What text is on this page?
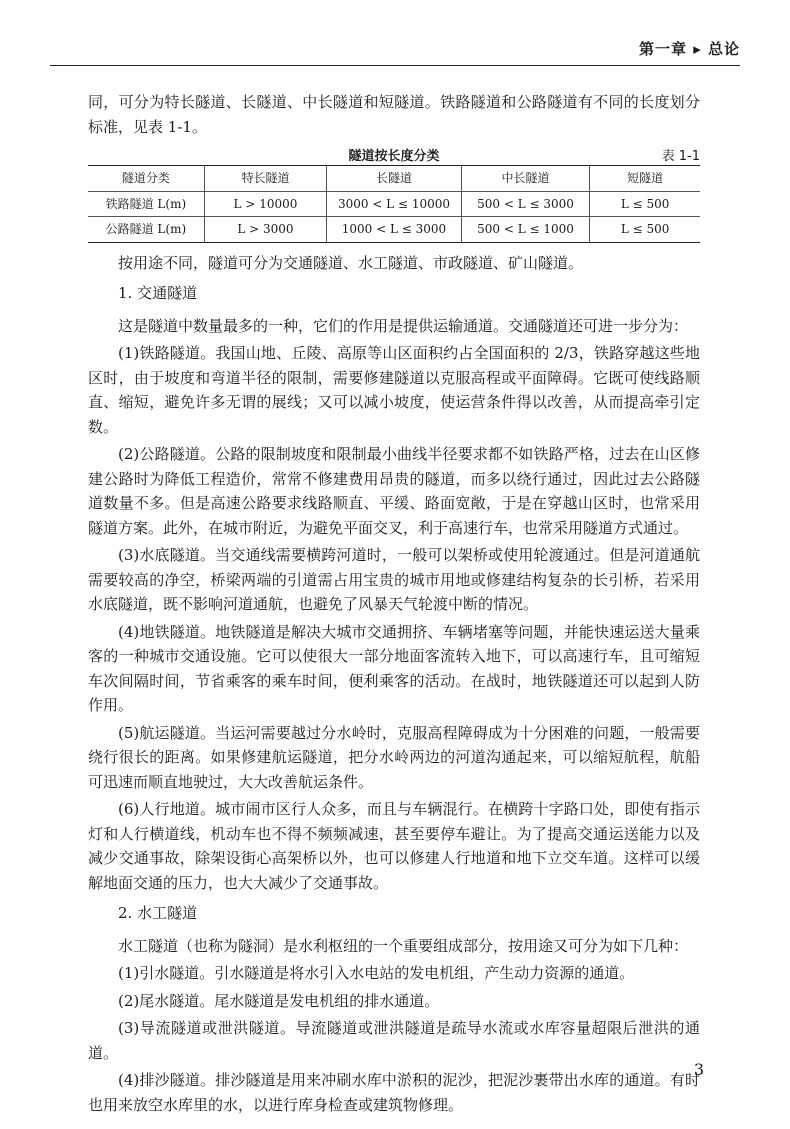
第一章 ▸ 总论

同，可分为特长隧道、长隧道、中长隧道和短隧道。铁路隧道和公路隧道有不同的长度划分标准，见表 1-1。

隧道按长度分类	表 1-1
隧道分类	特长隧道	长隧道	中长隧道	短隧道
铁路隧道 L(m)	L > 10000	3000 < L ≤ 10000	500 < L ≤ 3000	L ≤ 500
公路隧道 L(m)	L > 3000	1000 < L ≤ 3000	500 < L ≤ 1000	L ≤ 500

按用途不同，隧道可分为交通隧道、水工隧道、市政隧道、矿山隧道。

1. 交通隧道

这是隧道中数量最多的一种，它们的作用是提供运输通道。交通隧道还可进一步分为：

(1)铁路隧道。我国山地、丘陵、高原等山区面积约占全国面积的 2/3，铁路穿越这些地区时，由于坡度和弯道半径的限制，需要修建隧道以克服高程或平面障碍。它既可使线路顺直、缩短，避免许多无谓的展线；又可以减小坡度，使运营条件得以改善，从而提高牵引定数。

(2)公路隧道。公路的限制坡度和限制最小曲线半径要求都不如铁路严格，过去在山区修建公路时为降低工程造价，常常不修建费用昂贵的隧道，而多以绕行通过，因此过去公路隧道数量不多。但是高速公路要求线路顺直、平缓、路面宽敞，于是在穿越山区时，也常采用隧道方案。此外，在城市附近，为避免平面交叉，利于高速行车，也常采用隧道方式通过。

(3)水底隧道。当交通线需要横跨河道时，一般可以架桥或使用轮渡通过。但是河道通航需要较高的净空，桥梁两端的引道需占用宝贵的城市用地或修建结构复杂的长引桥，若采用水底隧道，既不影响河道通航，也避免了风暴天气轮渡中断的情况。

(4)地铁隧道。地铁隧道是解决大城市交通拥挤、车辆堵塞等问题，并能快速运送大量乘客的一种城市交通设施。它可以使很大一部分地面客流转入地下，可以高速行车，且可缩短车次间隔时间，节省乘客的乘车时间，便利乘客的活动。在战时，地铁隧道还可以起到人防作用。

(5)航运隧道。当运河需要越过分水岭时，克服高程障碍成为十分困难的问题，一般需要绕行很长的距离。如果修建航运隧道，把分水岭两边的河道沟通起来，可以缩短航程，航船可迅速而顺直地驶过，大大改善航运条件。

(6)人行地道。城市闹市区行人众多，而且与车辆混行。在横跨十字路口处，即使有指示灯和人行横道线，机动车也不得不频频减速，甚至要停车避让。为了提高交通运送能力以及减少交通事故，除架设街心高架桥以外，也可以修建人行地道和地下立交车道。这样可以缓解地面交通的压力，也大大减少了交通事故。

2. 水工隧道

水工隧道（也称为隧洞）是水利枢纽的一个重要组成部分，按用途又可分为如下几种：

(1)引水隧道。引水隧道是将水引入水电站的发电机组，产生动力资源的通道。

(2)尾水隧道。尾水隧道是发电机组的排水通道。

(3)导流隧道或泄洪隧道。导流隧道或泄洪隧道是疏导水流或水库容量超限后泄洪的通道。

(4)排沙隧道。排沙隧道是用来冲刷水库中淤积的泥沙，把泥沙裹带出水库的通道。有时也用来放空水库里的水，以进行库身检查或建筑物修理。

3
